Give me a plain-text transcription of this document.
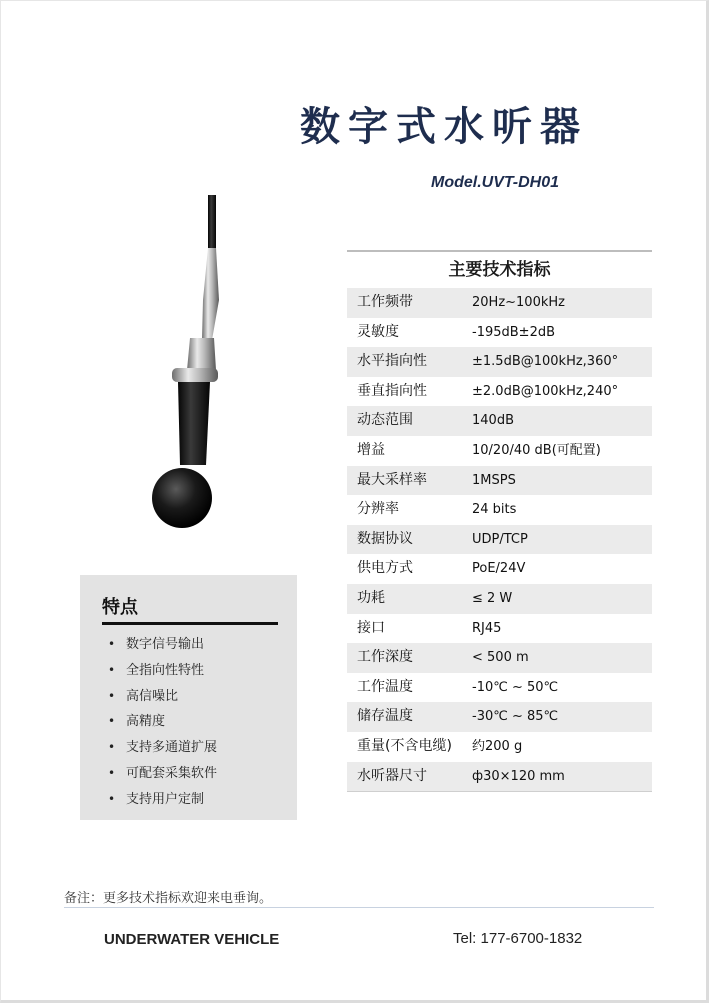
数字式水听器
Model.UVT-DH01
主要技术指标
工作频带	20Hz~100kHz
灵敏度	-195dB±2dB
水平指向性	±1.5dB@100kHz,360°
垂直指向性	±2.0dB@100kHz,240°
动态范围	140dB
增益	10/20/40 dB(可配置)
最大采样率	1MSPS
分辨率	24 bits
数据协议	UDP/TCP
供电方式	PoE/24V
功耗	≤ 2 W
接口	RJ45
工作深度	< 500 m
工作温度	-10℃ ~ 50℃
储存温度	-30℃ ~ 85℃
重量(不含电缆)	约200 g
水听器尺寸	ф30×120 mm
特点
• 数字信号输出
• 全指向性特性
• 高信噪比
• 高精度
• 支持多通道扩展
• 可配套采集软件
• 支持用户定制
备注：更多技术指标欢迎来电垂询。
UNDERWATER VEHICLE	Tel: 177-6700-1832
